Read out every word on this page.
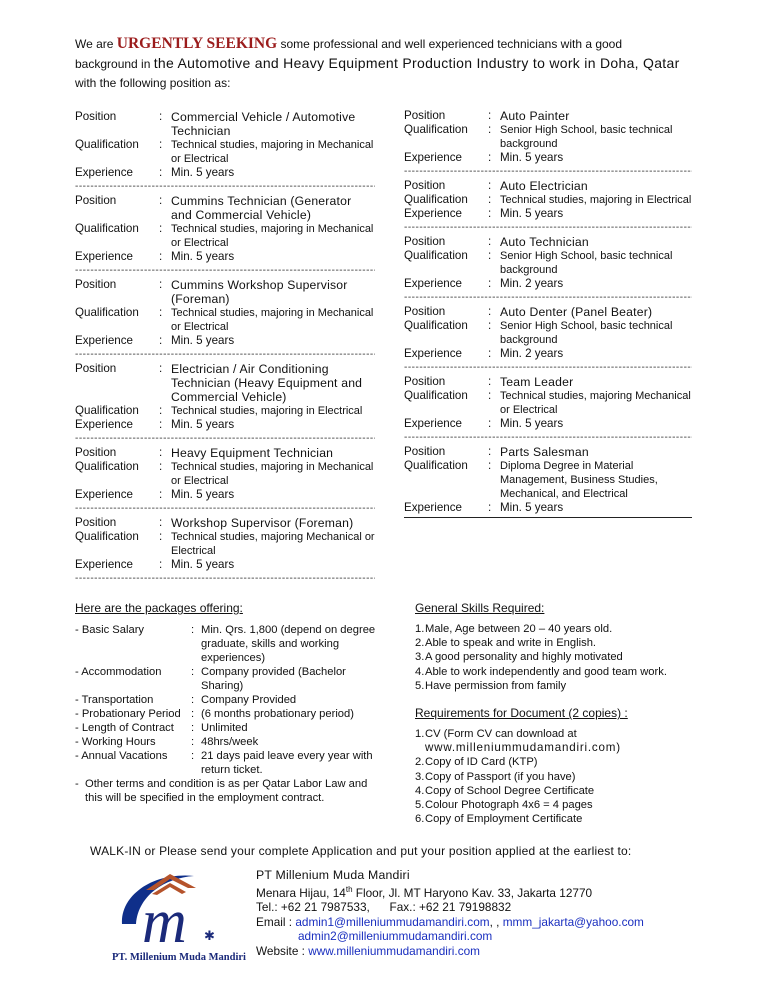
We are URGENTLY SEEKING some professional and well experienced technicians with a good background in the Automotive and Heavy Equipment Production Industry to work in Doha, Qatar with the following position as:
Position	: Commercial Vehicle / Automotive Technician
Qualification	: Technical studies, majoring in Mechanical or Electrical
Experience	: Min. 5 years
-----
Position	: Cummins Technician (Generator and Commercial Vehicle)
Qualification	: Technical studies, majoring in Mechanical or Electrical
Experience	: Min. 5 years
-----
Position	: Cummins Workshop Supervisor (Foreman)
Qualification	: Technical studies, majoring in Mechanical or Electrical
Experience	: Min. 5 years
-----
Position	: Electrician / Air Conditioning Technician (Heavy Equipment and Commercial Vehicle)
Qualification	: Technical studies, majoring in Electrical
Experience	: Min. 5 years
-----
Position	: Heavy Equipment Technician
Qualification	: Technical studies, majoring in Mechanical or Electrical
Experience	: Min. 5 years
-----
Position	: Workshop Supervisor (Foreman)
Qualification	: Technical studies, majoring Mechanical or Electrical
Experience	: Min. 5 years
-----
Position	: Auto Painter
Qualification	: Senior High School, basic technical background
Experience	: Min. 5 years
-----
Position	: Auto Electrician
Qualification	: Technical studies, majoring in Electrical
Experience	: Min. 5 years
-----
Position	: Auto Technician
Qualification	: Senior High School, basic technical background
Experience	: Min. 2 years
-----
Position	: Auto Denter (Panel Beater)
Qualification	: Senior High School, basic technical background
Experience	: Min. 2 years
-----
Position	: Team Leader
Qualification	: Technical studies, majoring Mechanical or Electrical
Experience	: Min. 5 years
-----
Position	: Parts Salesman
Qualification	: Diploma Degree in Material Management, Business Studies, Mechanical, and Electrical
Experience	: Min. 5 years
Here are the packages offering:
- Basic Salary	: Min. Qrs. 1,800 (depend on degree graduate, skills and working experiences)
- Accommodation	: Company provided (Bachelor Sharing)
- Transportation	: Company Provided
- Probationary Period : (6 months probationary period)
- Length of Contract	: Unlimited
- Working Hours	: 48hrs/week
- Annual Vacations	: 21 days paid leave every year with return ticket.
- Other terms and condition is as per Qatar Labor Law and this will be specified in the employment contract.
General Skills Required:
1. Male, Age between 20 – 40 years old.
2. Able to speak and write in English.
3. A good personality and highly motivated
4. Able to work independently and good team work.
5. Have permission from family
Requirements for Document (2 copies) :
1. CV (Form CV can download at
www.milleniummudamandiri.com)
2. Copy of ID Card (KTP)
3. Copy of Passport (if you have)
4. Copy of School Degree Certificate
5. Colour Photograph 4x6 = 4 pages
6. Copy of Employment Certificate
WALK-IN or Please send your complete Application and put your position applied at the earliest to:
m ✱
PT. Millenium Muda Mandiri
PT Millenium Muda Mandiri
Menara Hijau, 14th Floor, Jl. MT Haryono Kav. 33, Jakarta 12770
Tel.: +62 21 7987533, Fax.: +62 21 79198832
Email : admin1@milleniummudamandiri.com, , mmm_jakarta@yahoo.com
admin2@milleniummudamandiri.com
Website : www.milleniummudamandiri.com
